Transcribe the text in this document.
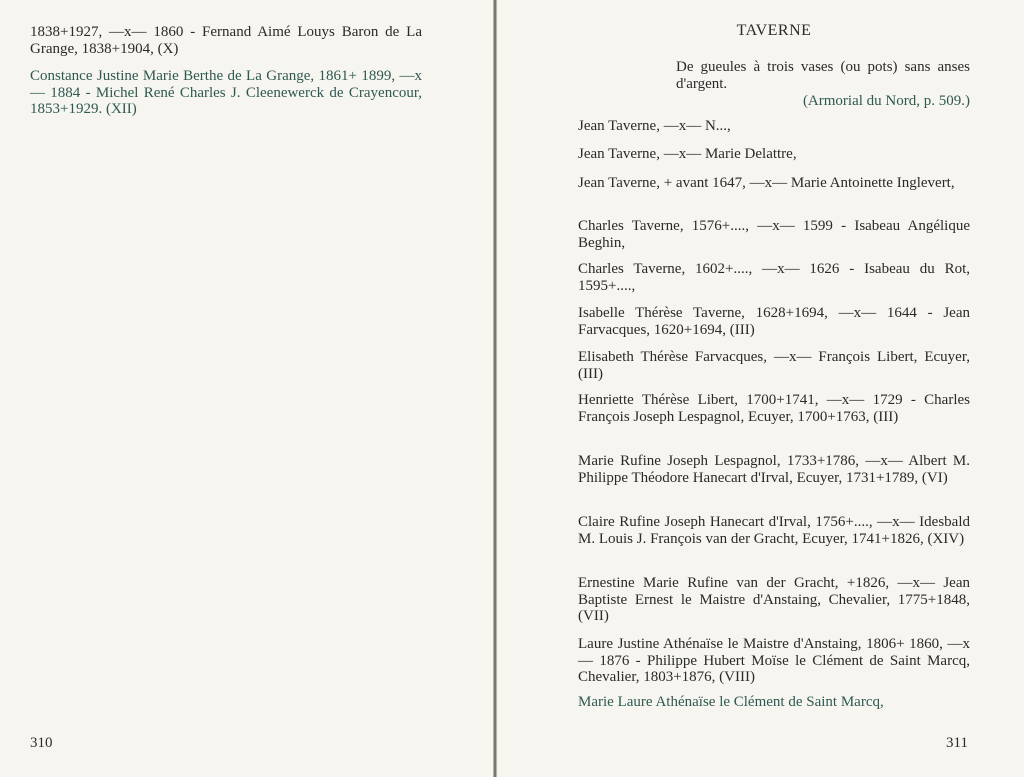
1838+1927, —x— 1860 - Fernand Aimé Louys Baron de La Grange, 1838+1904, (X)
Constance Justine Marie Berthe de La Grange, 1861+ 1899, —x— 1884 - Michel René Charles J. Cleenewerck de Crayencour, 1853+1929. (XII)
310
TAVERNE
De gueules à trois vases (ou pots) sans anses d'argent.
(Armorial du Nord, p. 509.)
Jean Taverne, —x— N...,
Jean Taverne, —x— Marie Delattre,
Jean Taverne, + avant 1647, —x— Marie Antoinette Inglevert,
Charles Taverne, 1576+...., —x— 1599 - Isabeau Angélique Beghin,
Charles Taverne, 1602+...., —x— 1626 - Isabeau du Rot, 1595+....,
Isabelle Thérèse Taverne, 1628+1694, —x— 1644 - Jean Farvacques, 1620+1694, (III)
Elisabeth Thérèse Farvacques, —x— François Libert, Ecuyer, (III)
Henriette Thérèse Libert, 1700+1741, —x— 1729 - Charles François Joseph Lespagnol, Ecuyer, 1700+1763, (III)
Marie Rufine Joseph Lespagnol, 1733+1786, —x— Albert M. Philippe Théodore Hanecart d'Irval, Ecuyer, 1731+1789, (VI)
Claire Rufine Joseph Hanecart d'Irval, 1756+...., —x— Idesbald M. Louis J. François van der Gracht, Ecuyer, 1741+1826, (XIV)
Ernestine Marie Rufine van der Gracht, +1826, —x— Jean Baptiste Ernest le Maistre d'Anstaing, Chevalier, 1775+1848, (VII)
Laure Justine Athénaïse le Maistre d'Anstaing, 1806+ 1860, —x— 1876 - Philippe Hubert Moïse le Clément de Saint Marcq, Chevalier, 1803+1876, (VIII)
Marie Laure Athénaïse le Clément de Saint Marcq,
311
